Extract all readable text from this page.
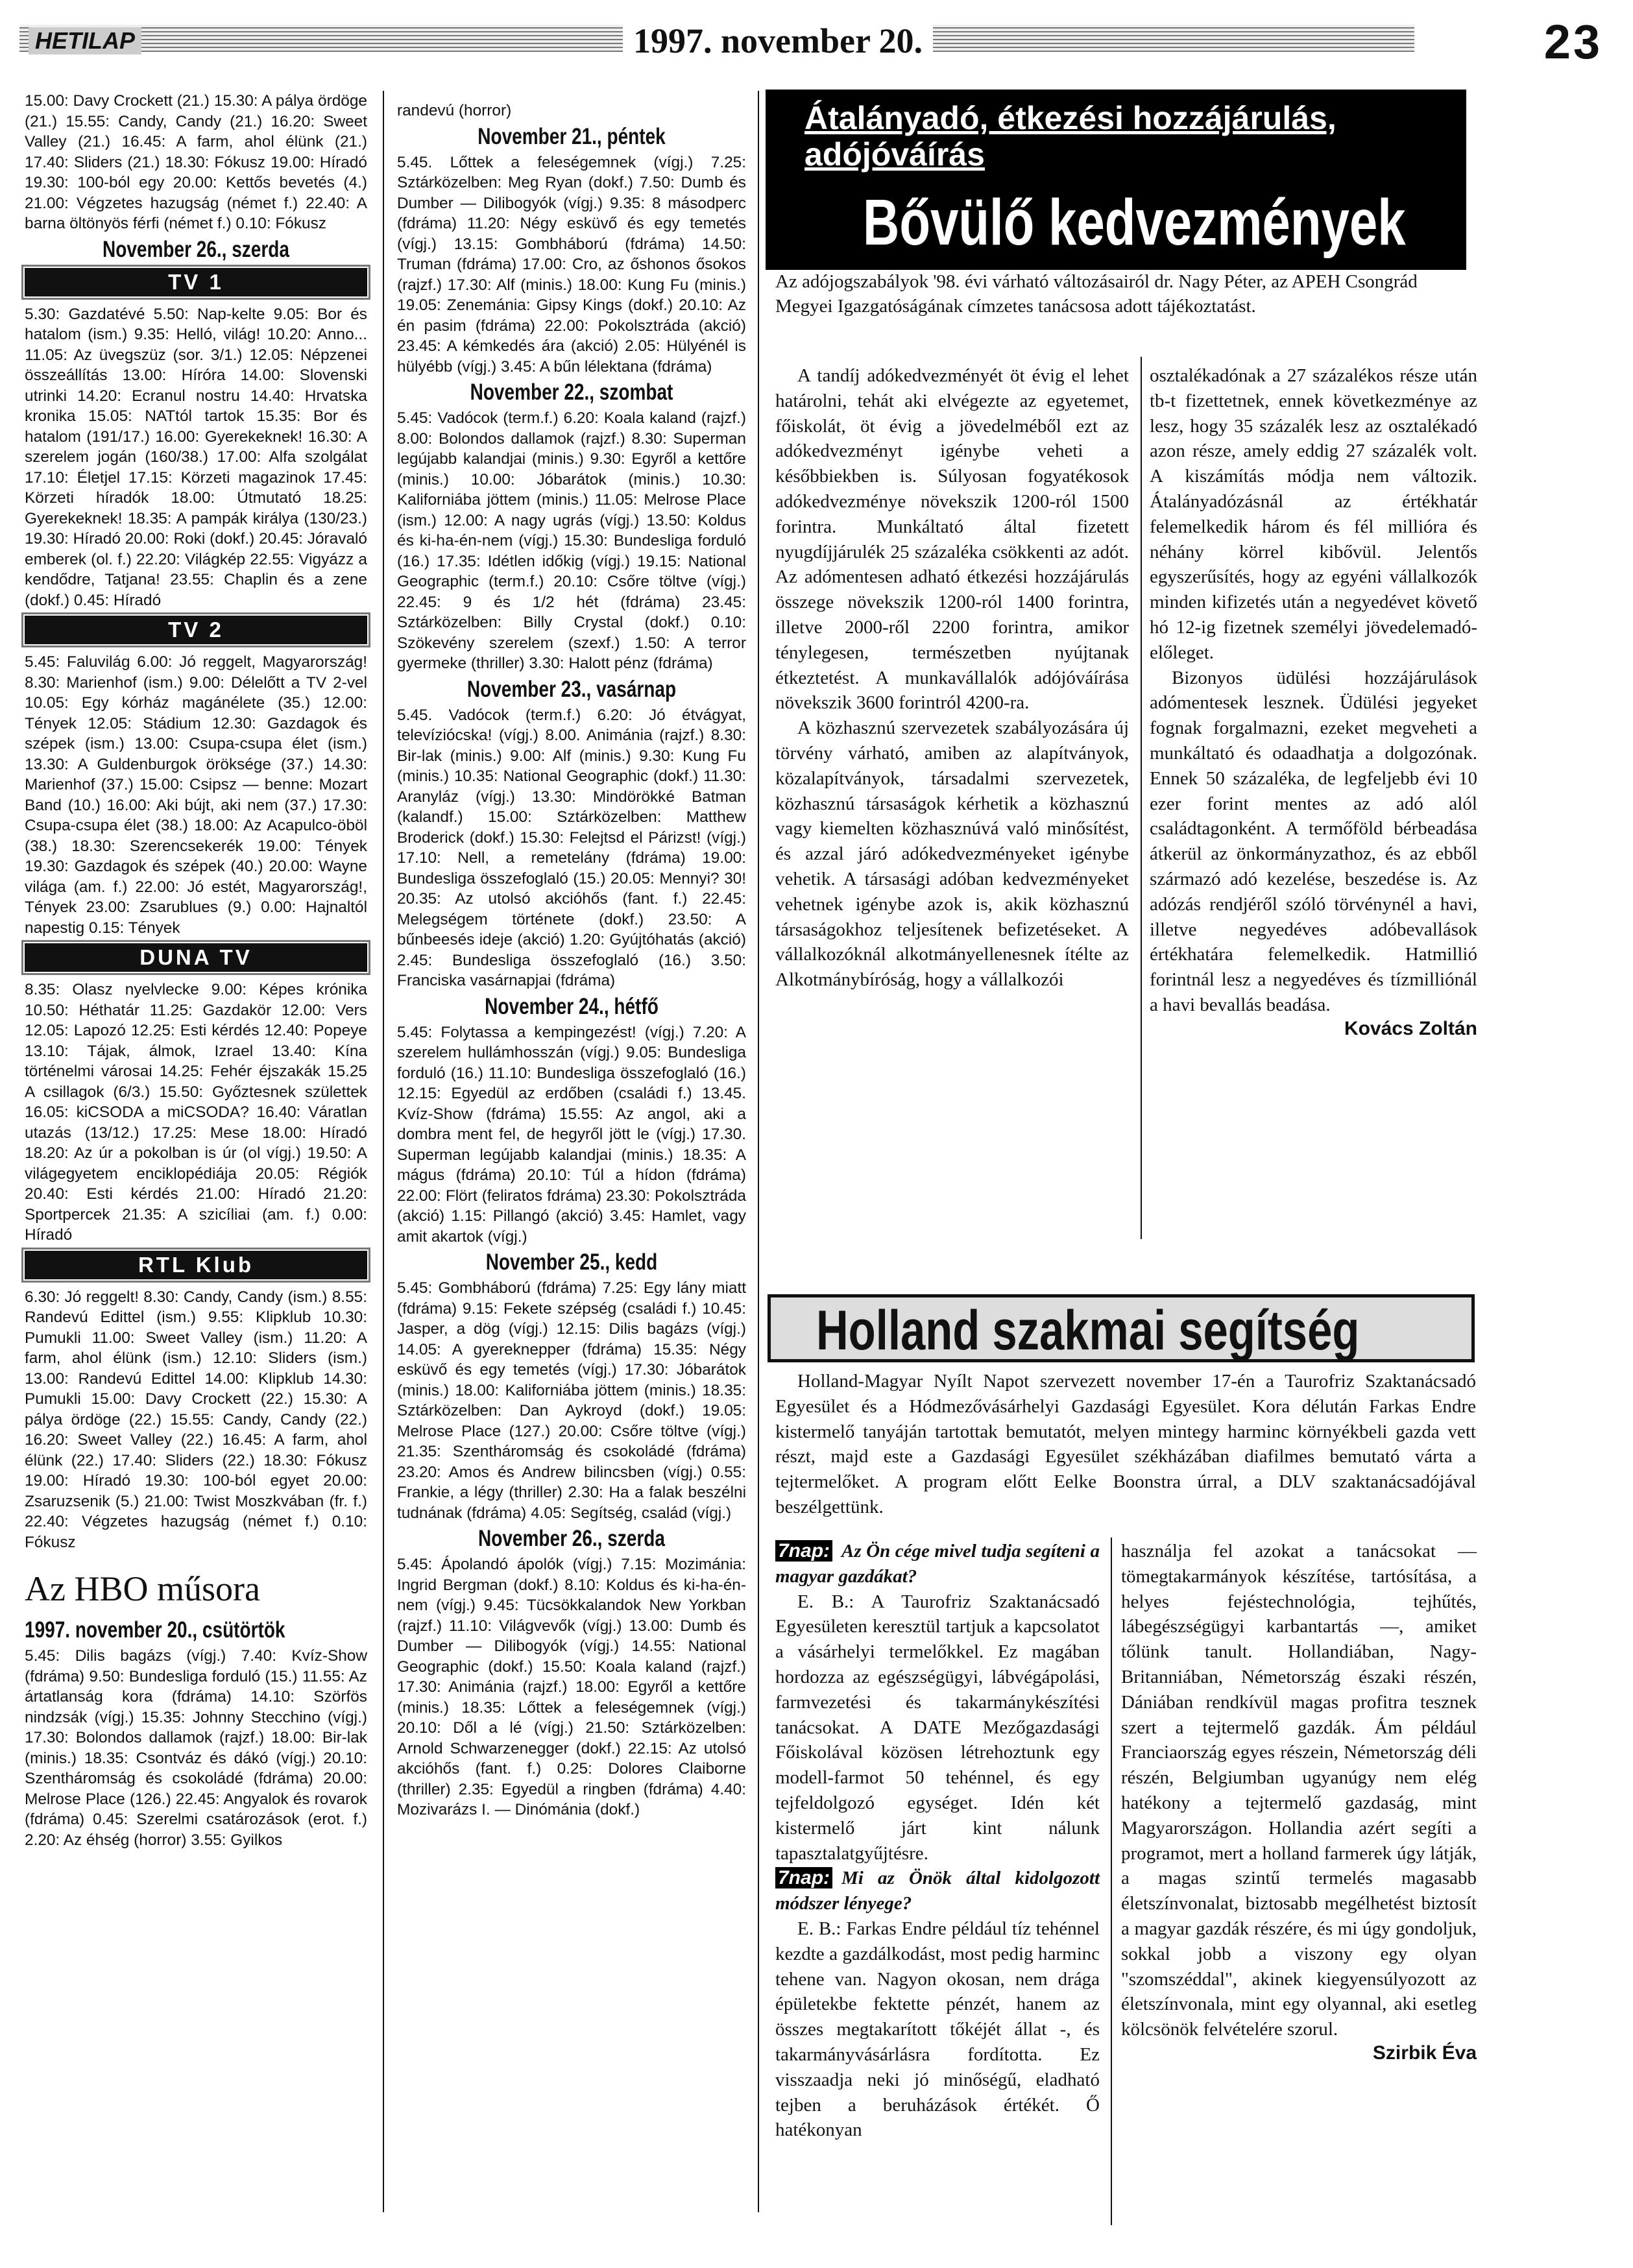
HETILAP	1997. november 20.	23

15.00: Davy Crockett (21.) 15.30: A pálya ördöge (21.) 15.55: Candy, Candy (21.) 16.20: Sweet Valley (21.) 16.45: A farm, ahol élünk (21.) 17.40: Sliders (21.) 18.30: Fókusz 19.00: Híradó 19.30: 100-ból egy 20.00: Kettős bevetés (4.) 21.00: Végzetes hazugság (német f.) 22.40: A barna öltönyös férfi (német f.) 0.10: Fókusz

November 26., szerda
TV 1

5.30: Gazdatévé 5.50: Nap-kelte 9.05: Bor és hatalom (ism.) 9.35: Helló, világ! 10.20: Anno... 11.05: Az üvegszüz (sor. 3/1.) 12.05: Népzenei összeállítás 13.00: Híróra 14.00: Slovenski utrinki 14.20: Ecranul nostru 14.40: Hrvatska kronika 15.05: NATtól tartok 15.35: Bor és hatalom (191/17.) 16.00: Gyerekeknek! 16.30: A szerelem jogán (160/38.) 17.00: Alfa szolgálat 17.10: Életjel 17.15: Körzeti magazinok 17.45: Körzeti híradók 18.00: Útmutató 18.25: Gyerekeknek! 18.35: A pampák királya (130/23.) 19.30: Híradó 20.00: Roki (dokf.) 20.45: Jóravaló emberek (ol. f.) 22.20: Világkép 22.55: Vigyázz a kendődre, Tatjana! 23.55: Chaplin és a zene (dokf.) 0.45: Híradó

TV 2

5.45: Faluvilág 6.00: Jó reggelt, Magyarország! 8.30: Marienhof (ism.) 9.00: Délelőtt a TV 2-vel 10.05: Egy kórház magánélete (35.) 12.00: Tények 12.05: Stádium 12.30: Gazdagok és szépek (ism.) 13.00: Csupa-csupa élet (ism.) 13.30: A Guldenburgok öröksége (37.) 14.30: Marienhof (37.) 15.00: Csipsz — benne: Mozart Band (10.) 16.00: Aki bújt, aki nem (37.) 17.30: Csupa-csupa élet (38.) 18.00: Az Acapulco-öböl (38.) 18.30: Szerencsekerék 19.00: Tények 19.30: Gazdagok és szépek (40.) 20.00: Wayne világa (am. f.) 22.00: Jó estét, Magyarország!, Tények 23.00: Zsarublues (9.) 0.00: Hajnaltól napestig 0.15: Tények

DUNA TV

8.35: Olasz nyelvlecke 9.00: Képes krónika 10.50: Héthatár 11.25: Gazdakör 12.00: Vers 12.05: Lapozó 12.25: Esti kérdés 12.40: Popeye 13.10: Tájak, álmok, Izrael 13.40: Kína történelmi városai 14.25: Fehér éjszakák 15.25 A csillagok (6/3.) 15.50: Győztesnek születtek 16.05: kiCSODA a miCSODA? 16.40: Váratlan utazás (13/12.) 17.25: Mese 18.00: Híradó 18.20: Az úr a pokolban is úr (ol vígj.) 19.50: A világegyetem enciklopédiája 20.05: Régiók 20.40: Esti kérdés 21.00: Híradó 21.20: Sportpercek 21.35: A szicíliai (am. f.) 0.00: Híradó

RTL Klub

6.30: Jó reggelt! 8.30: Candy, Candy (ism.) 8.55: Randevú Edittel (ism.) 9.55: Klipklub 10.30: Pumukli 11.00: Sweet Valley (ism.) 11.20: A farm, ahol élünk (ism.) 12.10: Sliders (ism.) 13.00: Randevú Edittel 14.00: Klipklub 14.30: Pumukli 15.00: Davy Crockett (22.) 15.30: A pálya ördöge (22.) 15.55: Candy, Candy (22.) 16.20: Sweet Valley (22.) 16.45: A farm, ahol élünk (22.) 17.40: Sliders (22.) 18.30: Fókusz 19.00: Híradó 19.30: 100-ból egyet 20.00: Zsaruzsenik (5.) 21.00: Twist Moszkvában (fr. f.) 22.40: Végzetes hazugság (német f.) 0.10: Fókusz

Az HBO műsora
1997. november 20., csütörtök

5.45: Dilis bagázs (vígj.) 7.40: Kvíz-Show (fdráma) 9.50: Bundesliga forduló (15.) 11.55: Az ártatlanság kora (fdráma) 14.10: Szörfös nindzsák (vígj.) 15.35: Johnny Stecchino (vígj.) 17.30: Bolondos dallamok (rajzf.) 18.00: Bir-lak (minis.) 18.35: Csontváz és dákó (vígj.) 20.10: Szentháromság és csokoládé (fdráma) 20.00: Melrose Place (126.) 22.45: Angyalok és rovarok (fdráma) 0.45: Szerelmi csatározások (erot. f.) 2.20: Az éhség (horror) 3.55: Gyilkos

randevú (horror)

November 21., péntek

5.45. Lőttek a feleségemnek (vígj.) 7.25: Sztárközelben: Meg Ryan (dokf.) 7.50: Dumb és Dumber — Dilibogyók (vígj.) 9.35: 8 másodperc (fdráma) 11.20: Négy esküvő és egy temetés (vígj.) 13.15: Gombháború (fdráma) 14.50: Truman (fdráma) 17.00: Cro, az őshonos ősokos (rajzf.) 17.30: Alf (minis.) 18.00: Kung Fu (minis.) 19.05: Zenemánia: Gipsy Kings (dokf.) 20.10: Az én pasim (fdráma) 22.00: Pokolsztráda (akció) 23.45: A kémkedés ára (akció) 2.05: Hülyénél is hülyébb (vígj.) 3.45: A bűn lélektana (fdráma)

November 22., szombat

5.45: Vadócok (term.f.) 6.20: Koala kaland (rajzf.) 8.00: Bolondos dallamok (rajzf.) 8.30: Superman legújabb kalandjai (minis.) 9.30: Egyről a kettőre (minis.) 10.00: Jóbarátok (minis.) 10.30: Kaliforniába jöttem (minis.) 11.05: Melrose Place (ism.) 12.00: A nagy ugrás (vígj.) 13.50: Koldus és ki-ha-én-nem (vígj.) 15.30: Bundesliga forduló (16.) 17.35: Idétlen időkig (vígj.) 19.15: National Geographic (term.f.) 20.10: Csőre töltve (vígj.) 22.45: 9 és 1/2 hét (fdráma) 23.45: Sztárközelben: Billy Crystal (dokf.) 0.10: Szökevény szerelem (szexf.) 1.50: A terror gyermeke (thriller) 3.30: Halott pénz (fdráma)

November 23., vasárnap

5.45. Vadócok (term.f.) 6.20: Jó étvágyat, televíziócska! (vígj.) 8.00. Animánia (rajzf.) 8.30: Bir-lak (minis.) 9.00: Alf (minis.) 9.30: Kung Fu (minis.) 10.35: National Geographic (dokf.) 11.30: Aranyláz (vígj.) 13.30: Mindörökké Batman (kalandf.) 15.00: Sztárközelben: Matthew Broderick (dokf.) 15.30: Felejtsd el Párizst! (vígj.) 17.10: Nell, a remetelány (fdráma) 19.00: Bundesliga összefoglaló (15.) 20.05: Mennyi? 30! 20.35: Az utolsó akcióhős (fant. f.) 22.45: Melegségem története (dokf.) 23.50: A bűnbeesés ideje (akció) 1.20: Gyújtóhatás (akció) 2.45: Bundesliga összefoglaló (16.) 3.50: Franciska vasárnapjai (fdráma)

November 24., hétfő

5.45: Folytassa a kempingezést! (vígj.) 7.20: A szerelem hullámhosszán (vígj.) 9.05: Bundesliga forduló (16.) 11.10: Bundesliga összefoglaló (16.) 12.15: Egyedül az erdőben (családi f.) 13.45. Kvíz-Show (fdráma) 15.55: Az angol, aki a dombra ment fel, de hegyről jött le (vígj.) 17.30. Superman legújabb kalandjai (minis.) 18.35: A mágus (fdráma) 20.10: Túl a hídon (fdráma) 22.00: Flört (feliratos fdráma) 23.30: Pokolsztráda (akció) 1.15: Pillangó (akció) 3.45: Hamlet, vagy amit akartok (vígj.)

November 25., kedd

5.45: Gombháború (fdráma) 7.25: Egy lány miatt (fdráma) 9.15: Fekete szépség (családi f.) 10.45: Jasper, a dög (vígj.) 12.15: Dilis bagázs (vígj.) 14.05: A gyereknepper (fdráma) 15.35: Négy esküvő és egy temetés (vígj.) 17.30: Jóbarátok (minis.) 18.00: Kaliforniába jöttem (minis.) 18.35: Sztárközelben: Dan Aykroyd (dokf.) 19.05: Melrose Place (127.) 20.00: Csőre töltve (vígj.) 21.35: Szentháromság és csokoládé (fdráma) 23.20: Amos és Andrew bilincsben (vígj.) 0.55: Frankie, a légy (thriller) 2.30: Ha a falak beszélni tudnának (fdráma) 4.05: Segítség, család (vígj.)

November 26., szerda

5.45: Ápolandó ápolók (vígj.) 7.15: Mozimánia: Ingrid Bergman (dokf.) 8.10: Koldus és ki-ha-én-nem (vígj.) 9.45: Tücsökkalandok New Yorkban (rajzf.) 11.10: Világvevők (vígj.) 13.00: Dumb és Dumber — Dilibogyók (vígj.) 14.55: National Geographic (dokf.) 15.50: Koala kaland (rajzf.) 17.30: Animánia (rajzf.) 18.00: Egyről a kettőre (minis.) 18.35: Lőttek a feleségemnek (vígj.) 20.10: Dől a lé (vígj.) 21.50: Sztárközelben: Arnold Schwarzenegger (dokf.) 22.15: Az utolsó akcióhős (fant. f.) 0.25: Dolores Claiborne (thriller) 2.35: Egyedül a ringben (fdráma) 4.40: Mozivarázs I. — Dinómánia (dokf.)

Átalányadó, étkezési hozzájárulás, adójóváírás
Bővülő kedvezmények
Az adójogszabályok '98. évi várható változásairól dr. Nagy Péter, az APEH Csongrád Megyei Igazgatóságának címzetes tanácsosa adott tájékoztatást.

A tandíj adókedvezményét öt évig el lehet határolni, tehát aki elvégezte az egyetemet, főiskolát, öt évig a jövedelméből ezt az adókedvezményt igénybe veheti a későbbiekben is. Súlyosan fogyatékosok adókedvezménye növekszik 1200-ról 1500 forintra. Munkáltató által fizetett nyugdíjjárulék 25 százaléka csökkenti az adót. Az adómentesen adható étkezési hozzájárulás összege növekszik 1200-ról 1400 forintra, illetve 2000-ről 2200 forintra, amikor ténylegesen, természetben nyújtanak étkeztetést. A munkavállalók adójóváírása növekszik 3600 forintról 4200-ra.

A közhasznú szervezetek szabályozására új törvény várható, amiben az alapítványok, közalapítványok, társadalmi szervezetek, közhasznú társaságok kérhetik a közhasznú vagy kiemelten közhasznúvá való minősítést, és azzal járó adókedvezményeket igénybe vehetik. A társasági adóban kedvezményeket vehetnek igénybe azok is, akik közhasznú társaságokhoz teljesítenek befizetéseket. A vállalkozóknál alkotmányellenesnek ítélte az Alkotmánybíróság, hogy a vállalkozói

osztalékadónak a 27 százalékos része után tb-t fizettetnek, ennek következménye az lesz, hogy 35 százalék lesz az osztalékadó azon része, amely eddig 27 százalék volt. A kiszámítás módja nem változik. Átalányadózásnál az értékhatár felemelkedik három és fél millióra és néhány körrel kibővül. Jelentős egyszerűsítés, hogy az egyéni vállalkozók minden kifizetés után a negyedévet követő hó 12-ig fizetnek személyi jövedelemadó-előleget.

Bizonyos üdülési hozzájárulások adómentesek lesznek. Üdülési jegyeket fognak forgalmazni, ezeket megveheti a munkáltató és odaadhatja a dolgozónak. Ennek 50 százaléka, de legfeljebb évi 10 ezer forint mentes az adó alól családtagonként. A termőföld bérbeadása átkerül az önkormányzathoz, és az ebből származó adó kezelése, beszedése is. Az adózás rendjéről szóló törvénynél a havi, illetve negyedéves adóbevallások értékhatára felemelkedik. Hatmillió forintnál lesz a negyedéves és tízmilliónál a havi bevallás beadása.

Kovács Zoltán
Holland szakmai segítség

Holland-Magyar Nyílt Napot szervezett november 17-én a Taurofriz Szaktanácsadó Egyesület és a Hódmezővásárhelyi Gazdasági Egyesület. Kora délután Farkas Endre kistermelő tanyáján tartottak bemutatót, melyen mintegy harminc környékbeli gazda vett részt, majd este a Gazdasági Egyesület székházában diafilmes bemutató várta a tejtermelőket. A program előtt Eelke Boonstra úrral, a DLV szaktanácsadójával beszélgettünk.

7nap: Az Ön cége mivel tudja segíteni a magyar gazdákat?

E. B.: A Taurofriz Szaktanácsadó Egyesületen keresztül tartjuk a kapcsolatot a vásárhelyi termelőkkel. Ez magában hordozza az egészségügyi, lábvégápolási, farmvezetési és takarmánykészítési tanácsokat. A DATE Mezőgazdasági Főiskolával közösen létrehoztunk egy modell-farmot 50 tehénnel, és egy tejfeldolgozó egységet. Idén két kistermelő járt kint nálunk tapasztalatgyűjtésre.

7nap: Mi az Önök által kidolgozott módszer lényege?

E. B.: Farkas Endre például tíz tehénnel kezdte a gazdálkodást, most pedig harminc tehene van. Nagyon okosan, nem drága épületekbe fektette pénzét, hanem az összes megtakarított tőkéjét állat -, és takarmányvásárlásra fordította. Ez visszaadja neki jó minőségű, eladható tejben a beruházások értékét. Ő hatékonyan

használja fel azokat a tanácsokat — tömegtakarmányok készítése, tartósítása, a helyes fejéstechnológia, tejhűtés, lábegészségügyi karbantartás —, amiket tőlünk tanult. Hollandiában, Nagy-Britanniában, Németország északi részén, Dániában rendkívül magas profitra tesznek szert a tejtermelő gazdák. Ám például Franciaország egyes részein, Németország déli részén, Belgiumban ugyanúgy nem elég hatékony a tejtermelő gazdaság, mint Magyarországon. Hollandia azért segíti a programot, mert a holland farmerek úgy látják, a magas szintű termelés magasabb életszínvonalat, biztosabb megélhetést biztosít a magyar gazdák részére, és mi úgy gondoljuk, sokkal jobb a viszony egy olyan "szomszéddal", akinek kiegyensúlyozott az életszínvonala, mint egy olyannal, aki esetleg kölcsönök felvételére szorul.

Szirbik Éva
